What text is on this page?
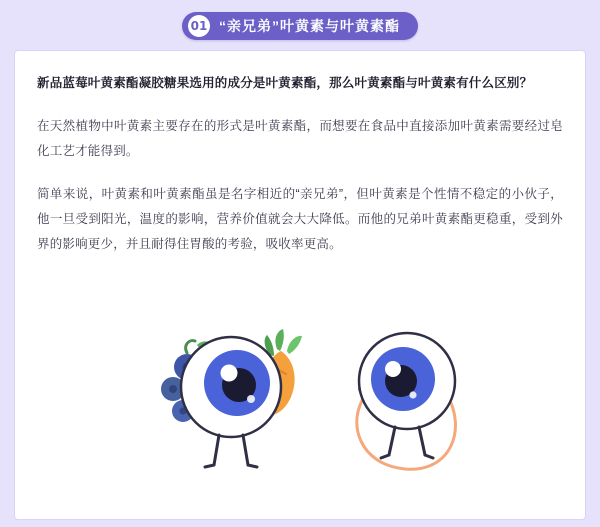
01 “亲兄弟”叶黄素与叶黄素酯

新品蓝莓叶黄素酯凝胶糖果选用的成分是叶黄素酯，那么叶黄素酯与叶黄素有什么区别？

在天然植物中叶黄素主要存在的形式是叶黄素酯，而想要在食品中直接添加叶黄素需要经过皂化工艺才能得到。

简单来说，叶黄素和叶黄素酯虽是名字相近的“亲兄弟”，但叶黄素是个性情不稳定的小伙子，他一旦受到阳光，温度的影响，营养价值就会大大降低。而他的兄弟叶黄素酯更稳重，受到外界的影响更少，并且耐得住胃酸的考验，吸收率更高。
